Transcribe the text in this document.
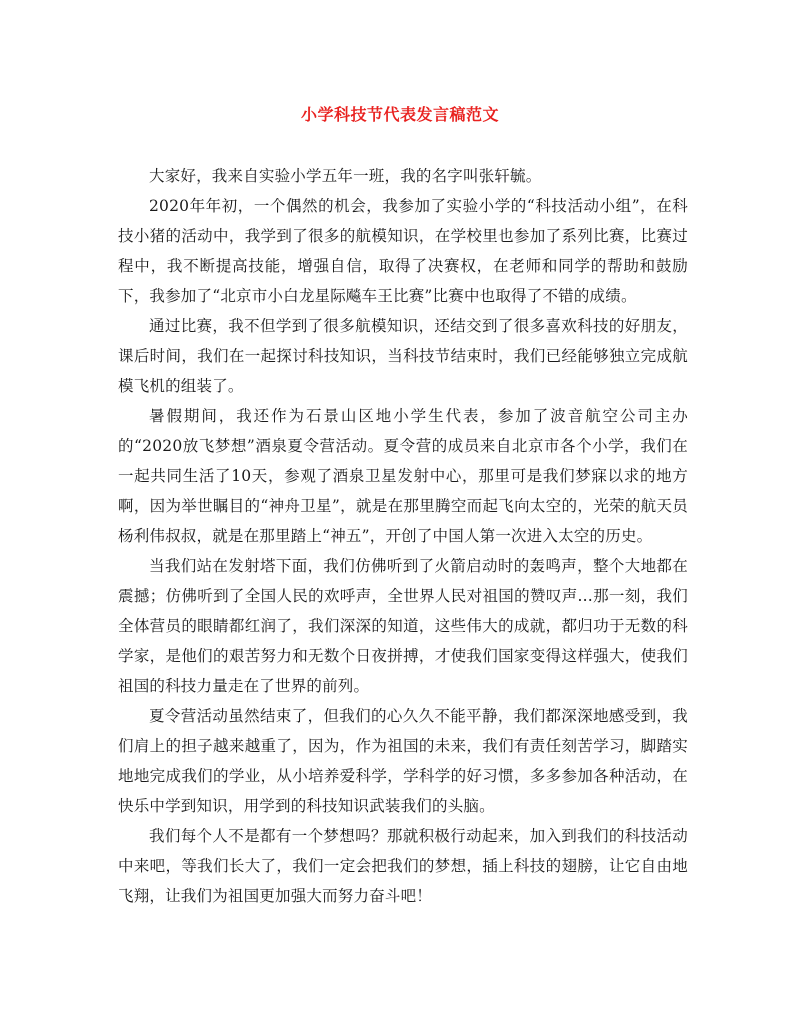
小学科技节代表发言稿范文

大家好，我来自实验小学五年一班，我的名字叫张轩毓。

2020年年初，一个偶然的机会，我参加了实验小学的“科技活动小组”，在科技小猪的活动中，我学到了很多的航模知识，在学校里也参加了系列比赛，比赛过程中，我不断提高技能，增强自信，取得了决赛权，在老师和同学的帮助和鼓励下，我参加了“北京市小白龙星际飚车王比赛”比赛中也取得了不错的成绩。

通过比赛，我不但学到了很多航模知识，还结交到了很多喜欢科技的好朋友，课后时间，我们在一起探讨科技知识，当科技节结束时，我们已经能够独立完成航模飞机的组装了。

暑假期间，我还作为石景山区地小学生代表，参加了波音航空公司主办的“2020放飞梦想”酒泉夏令营活动。夏令营的成员来自北京市各个小学，我们在一起共同生活了10天，参观了酒泉卫星发射中心，那里可是我们梦寐以求的地方啊，因为举世瞩目的“神舟卫星”，就是在那里腾空而起飞向太空的，光荣的航天员杨利伟叔叔，就是在那里踏上“神五”，开创了中国人第一次进入太空的历史。

当我们站在发射塔下面，我们仿佛听到了火箭启动时的轰鸣声，整个大地都在震撼；仿佛听到了全国人民的欢呼声，全世界人民对祖国的赞叹声...那一刻，我们全体营员的眼睛都红润了，我们深深的知道，这些伟大的成就，都归功于无数的科学家，是他们的艰苦努力和无数个日夜拼搏，才使我们国家变得这样强大，使我们祖国的科技力量走在了世界的前列。

夏令营活动虽然结束了，但我们的心久久不能平静，我们都深深地感受到，我们肩上的担子越来越重了，因为，作为祖国的未来，我们有责任刻苦学习，脚踏实地地完成我们的学业，从小培养爱科学，学科学的好习惯，多多参加各种活动，在快乐中学到知识，用学到的科技知识武装我们的头脑。

我们每个人不是都有一个梦想吗？那就积极行动起来，加入到我们的科技活动中来吧，等我们长大了，我们一定会把我们的梦想，插上科技的翅膀，让它自由地飞翔，让我们为祖国更加强大而努力奋斗吧！
